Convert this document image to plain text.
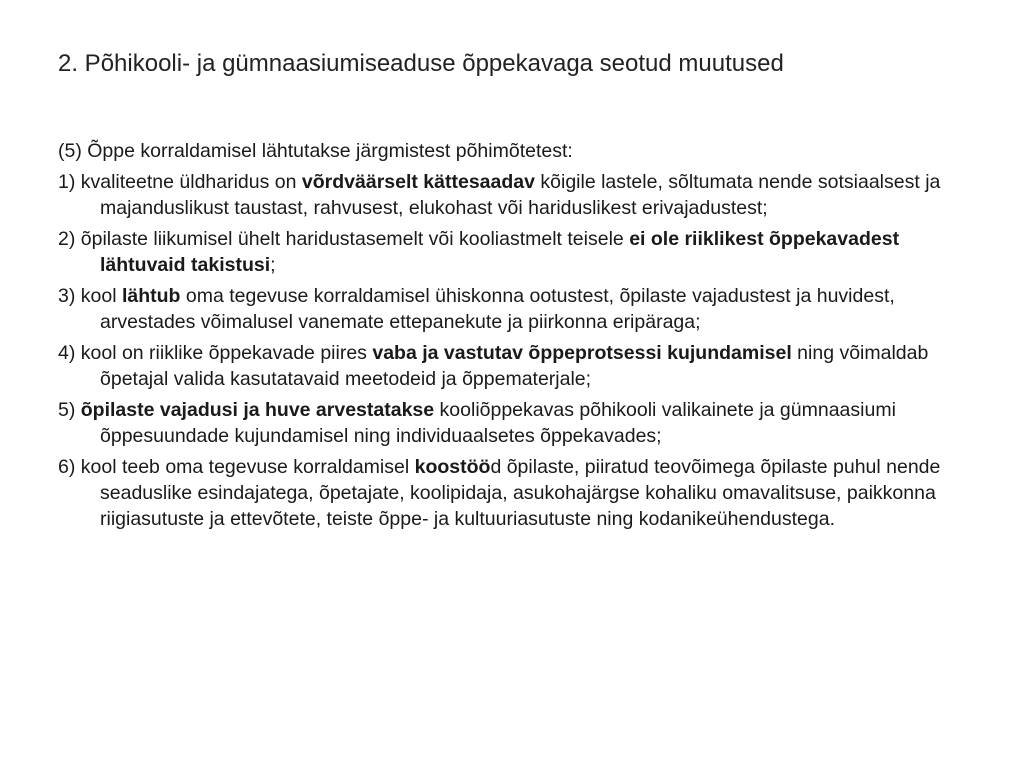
2. Põhikooli- ja gümnaasiumiseaduse õppekavaga seotud muutused

(5) Õppe korraldamisel lähtutakse järgmistest põhimõtetest:

1) kvaliteetne üldharidus on võrdväärselt kättesaadav kõigile lastele, sõltumata nende sotsiaalsest ja majanduslikust taustast, rahvusest, elukohast või hariduslikest erivajadustest;

2) õpilaste liikumisel ühelt haridustasemelt või kooliastmelt teisele ei ole riiklikest õppekavadest lähtuvaid takistusi;

3) kool lähtub oma tegevuse korraldamisel ühiskonna ootustest, õpilaste vajadustest ja huvidest, arvestades võimalusel vanemate ettepanekute ja piirkonna eripäraga;

4) kool on riiklike õppekavade piires vaba ja vastutav õppeprotsessi kujundamisel ning võimaldab õpetajal valida kasutatavaid meetodeid ja õppematerjale;

5) õpilaste vajadusi ja huve arvestatakse kooliõppekavas põhikooli valikainete ja gümnaasiumi õppesuundade kujundamisel ning individuaalsetes õppekavades;

6) kool teeb oma tegevuse korraldamisel koostööd õpilaste, piiratud teovõimega õpilaste puhul nende seaduslike esindajatega, õpetajate, koolipidaja, asukohajärgse kohaliku omavalitsuse, paikkonna riigiasutuste ja ettevõtete, teiste õppe- ja kultuuriasutuste ning kodanikeühendustega.
